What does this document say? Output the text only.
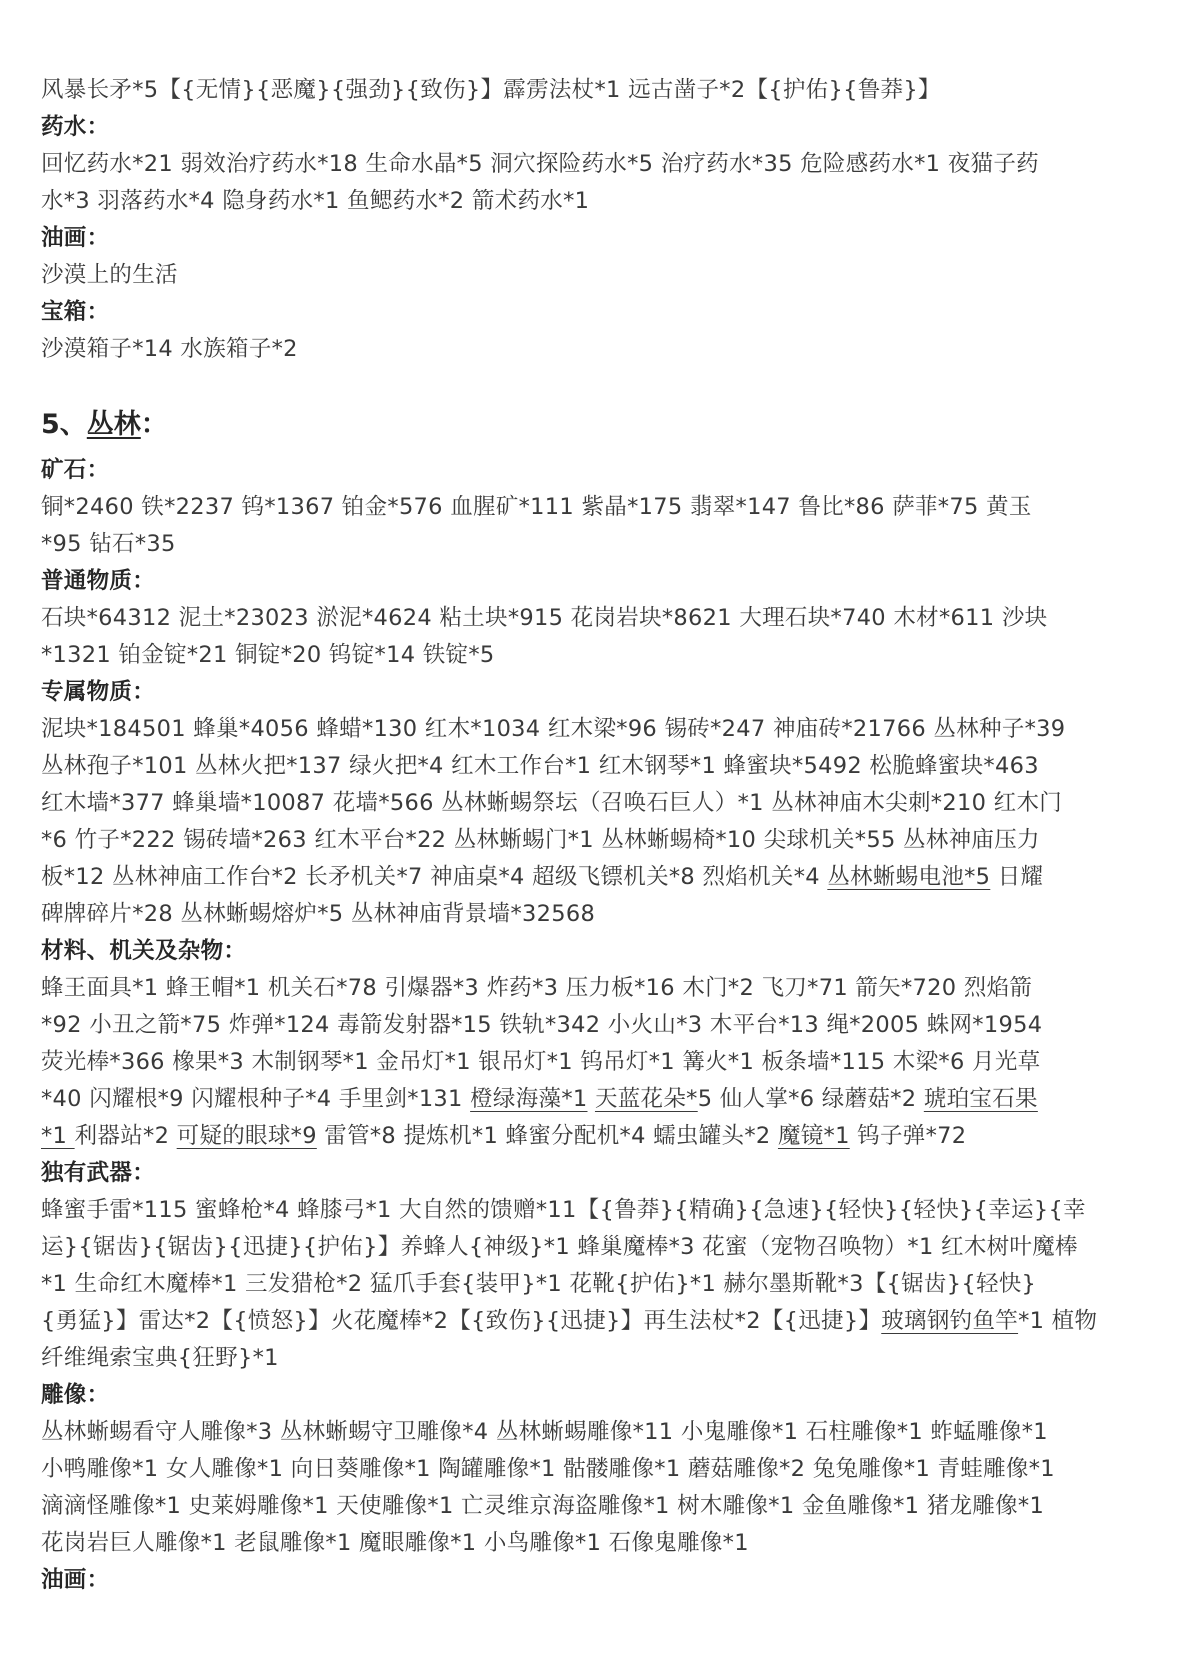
风暴长矛*5【{无情}{恶魔}{强劲}{致伤}】霹雳法杖*1 远古凿子*2【{护佑}{鲁莽}】
药水：
回忆药水*21 弱效治疗药水*18 生命水晶*5 洞穴探险药水*5 治疗药水*35 危险感药水*1 夜猫子药
水*3 羽落药水*4 隐身药水*1 鱼鳃药水*2 箭术药水*1
油画：
沙漠上的生活
宝箱：
沙漠箱子*14 水族箱子*2
5、丛林：
矿石：
铜*2460 铁*2237 钨*1367 铂金*576 血腥矿*111 紫晶*175 翡翠*147 鲁比*86 萨菲*75 黄玉
*95 钻石*35
普通物质：
石块*64312 泥土*23023 淤泥*4624 粘土块*915 花岗岩块*8621 大理石块*740 木材*611 沙块
*1321 铂金锭*21 铜锭*20 钨锭*14 铁锭*5
专属物质：
泥块*184501 蜂巢*4056 蜂蜡*130 红木*1034 红木梁*96 锡砖*247 神庙砖*21766 丛林种子*39
丛林孢子*101 丛林火把*137 绿火把*4 红木工作台*1 红木钢琴*1 蜂蜜块*5492 松脆蜂蜜块*463
红木墙*377 蜂巢墙*10087 花墙*566 丛林蜥蜴祭坛（召唤石巨人）*1 丛林神庙木尖刺*210 红木门
*6 竹子*222 锡砖墙*263 红木平台*22 丛林蜥蜴门*1 丛林蜥蜴椅*10 尖球机关*55 丛林神庙压力
板*12 丛林神庙工作台*2 长矛机关*7 神庙桌*4 超级飞镖机关*8 烈焰机关*4 丛林蜥蜴电池*5 日耀
碑牌碎片*28 丛林蜥蜴熔炉*5 丛林神庙背景墙*32568
材料、机关及杂物：
蜂王面具*1 蜂王帽*1 机关石*78 引爆器*3 炸药*3 压力板*16 木门*2 飞刀*71 箭矢*720 烈焰箭
*92 小丑之箭*75 炸弹*124 毒箭发射器*15 铁轨*342 小火山*3 木平台*13 绳*2005 蛛网*1954
荧光棒*366 橡果*3 木制钢琴*1 金吊灯*1 银吊灯*1 钨吊灯*1 篝火*1 板条墙*115 木梁*6 月光草
*40 闪耀根*9 闪耀根种子*4 手里剑*131 橙绿海藻*1 天蓝花朵*5 仙人掌*6 绿蘑菇*2 琥珀宝石果
*1 利器站*2 可疑的眼球*9 雷管*8 提炼机*1 蜂蜜分配机*4 蠕虫罐头*2 魔镜*1 钨子弹*72
独有武器：
蜂蜜手雷*115 蜜蜂枪*4 蜂膝弓*1 大自然的馈赠*11【{鲁莽}{精确}{急速}{轻快}{轻快}{幸运}{幸
运}{锯齿}{锯齿}{迅捷}{护佑}】养蜂人{神级}*1 蜂巢魔棒*3 花蜜（宠物召唤物）*1 红木树叶魔棒
*1 生命红木魔棒*1 三发猎枪*2 猛爪手套{装甲}*1 花靴{护佑}*1 赫尔墨斯靴*3【{锯齿}{轻快}
{勇猛}】雷达*2【{愤怒}】火花魔棒*2【{致伤}{迅捷}】再生法杖*2【{迅捷}】玻璃钢钓鱼竿*1 植物
纤维绳索宝典{狂野}*1
雕像：
丛林蜥蜴看守人雕像*3 丛林蜥蜴守卫雕像*4 丛林蜥蜴雕像*11 小鬼雕像*1 石柱雕像*1 蚱蜢雕像*1
小鸭雕像*1 女人雕像*1 向日葵雕像*1 陶罐雕像*1 骷髅雕像*1 蘑菇雕像*2 兔兔雕像*1 青蛙雕像*1
滴滴怪雕像*1 史莱姆雕像*1 天使雕像*1 亡灵维京海盗雕像*1 树木雕像*1 金鱼雕像*1 猪龙雕像*1
花岗岩巨人雕像*1 老鼠雕像*1 魔眼雕像*1 小鸟雕像*1 石像鬼雕像*1
油画：
